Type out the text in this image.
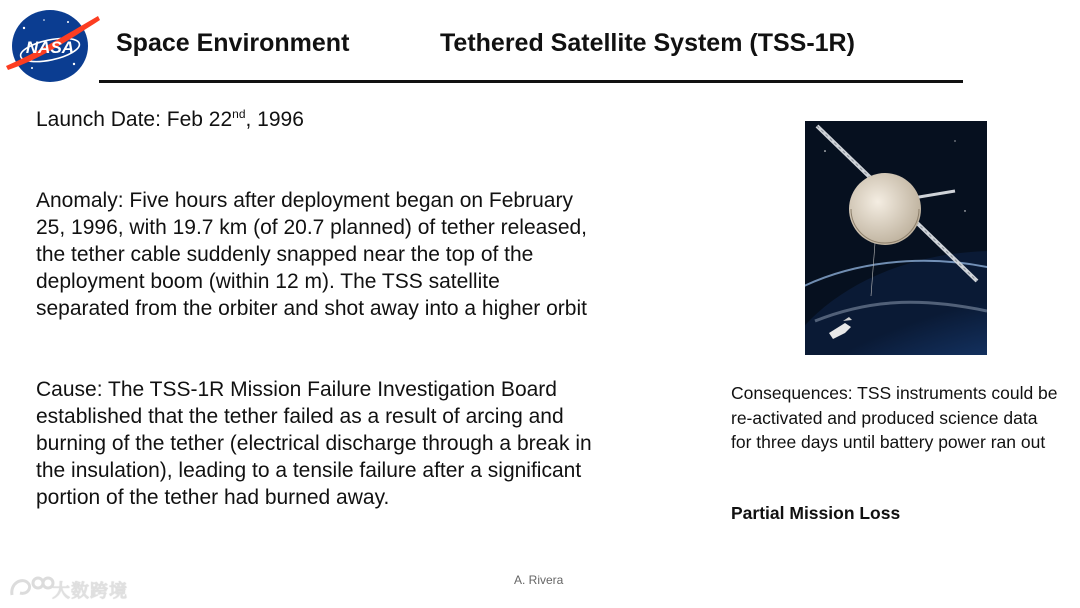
NASA Space Environment	Tethered Satellite System (TSS-1R)
Launch Date: Feb 22nd, 1996
Anomaly: Five hours after deployment began on February 25, 1996, with 19.7 km (of 20.7 planned) of tether released, the tether cable suddenly snapped near the top of the deployment boom (within 12 m). The TSS satellite separated from the orbiter and shot away into a higher orbit
Cause: The TSS-1R Mission Failure Investigation Board established that the tether failed as a result of arcing and burning of the tether (electrical discharge through a break in the insulation), leading to a tensile failure after a significant portion of the tether had burned away.
Consequences: TSS instruments could be re-activated and produced science data for three days until battery power ran out
Partial Mission Loss
A. Rivera
大数跨境
